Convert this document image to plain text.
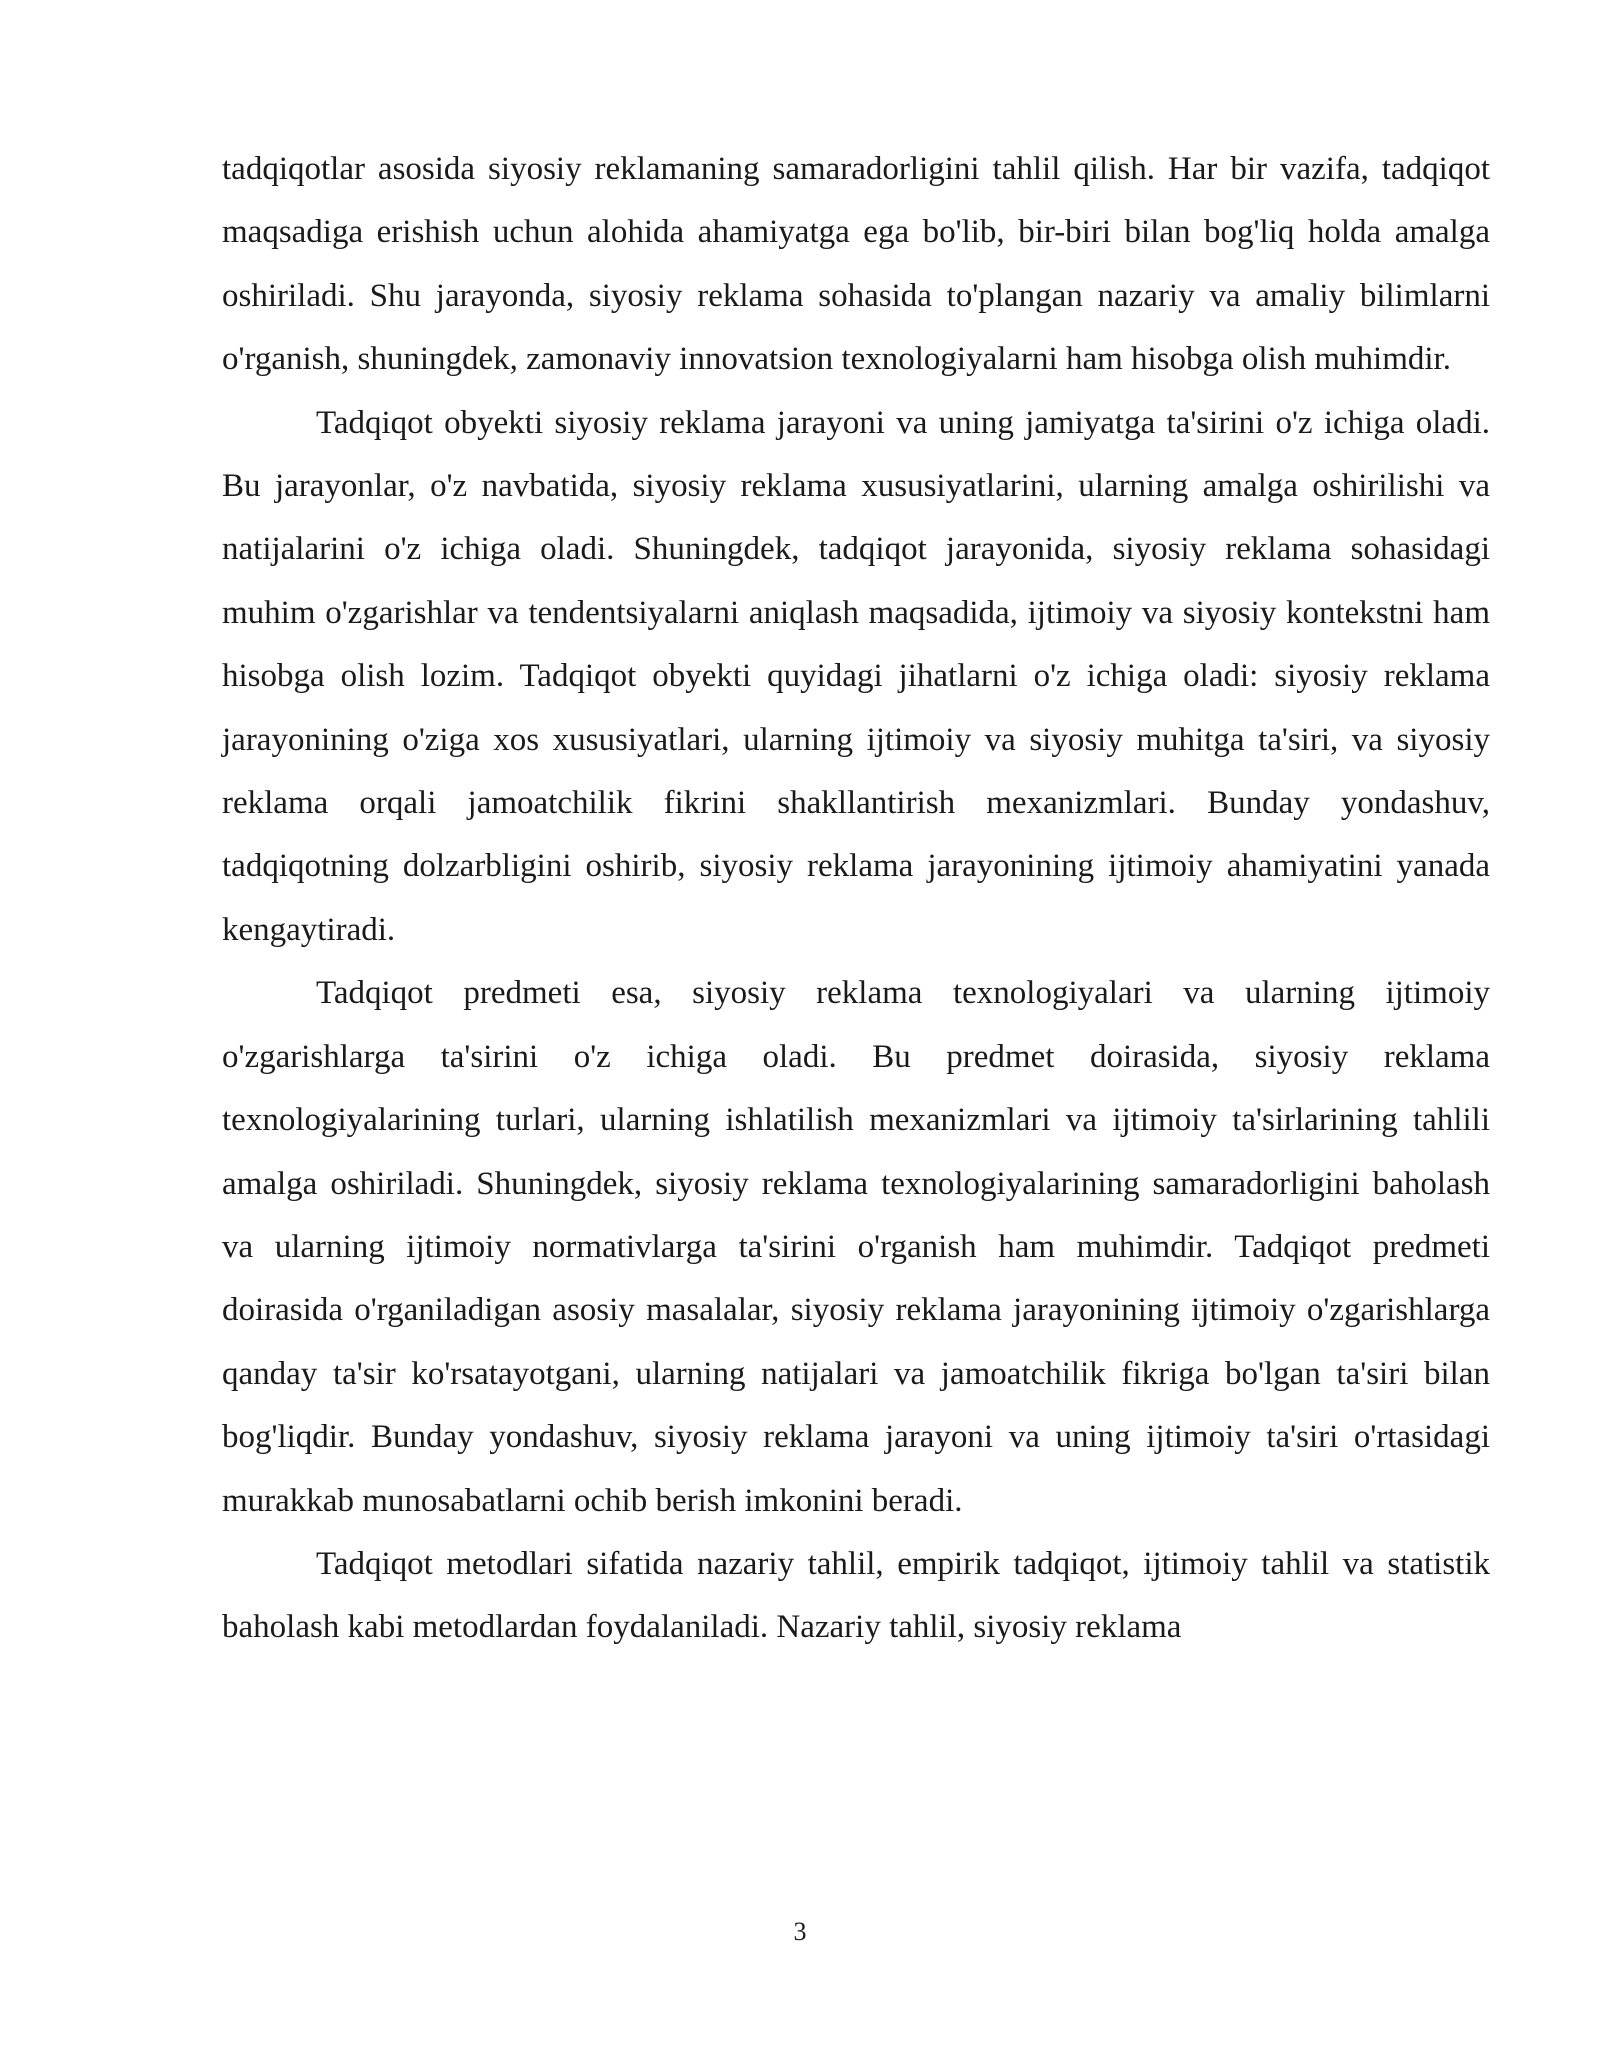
tadqiqotlar asosida siyosiy reklamaning samaradorligini tahlil qilish. Har bir vazifa, tadqiqot maqsadiga erishish uchun alohida ahamiyatga ega bo'lib, bir-biri bilan bog'liq holda amalga oshiriladi. Shu jarayonda, siyosiy reklama sohasida to'plangan nazariy va amaliy bilimlarni o'rganish, shuningdek, zamonaviy innovatsion texnologiyalarni ham hisobga olish muhimdir.

Tadqiqot obyekti siyosiy reklama jarayoni va uning jamiyatga ta'sirini o'z ichiga oladi. Bu jarayonlar, o'z navbatida, siyosiy reklama xususiyatlarini, ularning amalga oshirilishi va natijalarini o'z ichiga oladi. Shuningdek, tadqiqot jarayonida, siyosiy reklama sohasidagi muhim o'zgarishlar va tendentsiyalarni aniqlash maqsadida, ijtimoiy va siyosiy kontekstni ham hisobga olish lozim. Tadqiqot obyekti quyidagi jihatlarni o'z ichiga oladi: siyosiy reklama jarayonining o'ziga xos xususiyatlari, ularning ijtimoiy va siyosiy muhitga ta'siri, va siyosiy reklama orqali jamoatchilik fikrini shakllantirish mexanizmlari. Bunday yondashuv, tadqiqotning dolzarbligini oshirib, siyosiy reklama jarayonining ijtimoiy ahamiyatini yanada kengaytiradi.

Tadqiqot predmeti esa, siyosiy reklama texnologiyalari va ularning ijtimoiy o'zgarishlarga ta'sirini o'z ichiga oladi. Bu predmet doirasida, siyosiy reklama texnologiyalarining turlari, ularning ishlatilish mexanizmlari va ijtimoiy ta'sirlarining tahlili amalga oshiriladi. Shuningdek, siyosiy reklama texnologiyalarining samaradorligini baholash va ularning ijtimoiy normativlarga ta'sirini o'rganish ham muhimdir. Tadqiqot predmeti doirasida o'rganiladigan asosiy masalalar, siyosiy reklama jarayonining ijtimoiy o'zgarishlarga qanday ta'sir ko'rsatayotgani, ularning natijalari va jamoatchilik fikriga bo'lgan ta'siri bilan bog'liqdir. Bunday yondashuv, siyosiy reklama jarayoni va uning ijtimoiy ta'siri o'rtasidagi murakkab munosabatlarni ochib berish imkonini beradi.

Tadqiqot metodlari sifatida nazariy tahlil, empirik tadqiqot, ijtimoiy tahlil va statistik baholash kabi metodlardan foydalaniladi. Nazariy tahlil, siyosiy reklama

3
